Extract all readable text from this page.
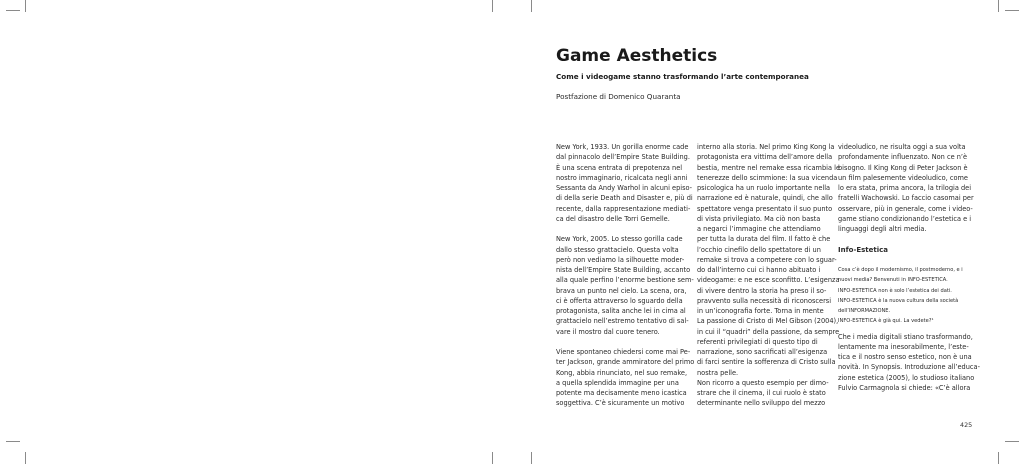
Game Aesthetics
Come i videogame stanno trasformando l’arte contemporanea
Postfazione di Domenico Quaranta
New York, 1933. Un gorilla enorme cade
dal pinnacolo dell’Empire State Building.
È una scena entrata di prepotenza nel
nostro immaginario, ricalcata negli anni
Sessanta da Andy Warhol in alcuni episo-
di della serie Death and Disaster e, più di
recente, dalla rappresentazione mediati-
ca del disastro delle Torri Gemelle.
New York, 2005. Lo stesso gorilla cade
dallo stesso grattacielo. Questa volta
però non vediamo la silhouette moder-
nista dell’Empire State Building, accanto
alla quale perfino l’enorme bestione sem-
brava un punto nel cielo. La scena, ora,
ci è offerta attraverso lo sguardo della
protagonista, salita anche lei in cima al
grattacielo nell’estremo tentativo di sal-
vare il mostro dal cuore tenero.
Viene spontaneo chiedersi come mai Pe-
ter Jackson, grande ammiratore del primo
Kong, abbia rinunciato, nel suo remake,
a quella splendida immagine per una
potente ma decisamente meno icastica
soggettiva. C’è sicuramente un motivo
interno alla storia. Nel primo King Kong la
protagonista era vittima dell’amore della
bestia, mentre nel remake essa ricambia le
tenerezze dello scimmione: la sua vicenda
psicologica ha un ruolo importante nella
narrazione ed è naturale, quindi, che allo
spettatore venga presentato il suo punto
di vista privilegiato. Ma ciò non basta
a negarci l’immagine che attendiamo
per tutta la durata del film. Il fatto è che
l’occhio cinefilo dello spettatore di un
remake si trova a competere con lo sguar-
do dall’interno cui ci hanno abituato i
videogame: e ne esce sconfitto. L’esigenza
di vivere dentro la storia ha preso il so-
pravvento sulla necessità di riconoscersi
in un’iconografia forte. Torna in mente
La passione di Cristo di Mel Gibson (2004),
in cui il “quadri” della passione, da sempre
referenti privilegiati di questo tipo di
narrazione, sono sacrificati all’esigenza
di farci sentire la sofferenza di Cristo sulla
nostra pelle.
Non ricorro a questo esempio per dimo-
strare che il cinema, il cui ruolo è stato
determinante nello sviluppo del mezzo
videoludico, ne risulta oggi a sua volta
profondamente influenzato. Non ce n’è
bisogno. Il King Kong di Peter Jackson è
un film palesemente videoludico, come
lo era stata, prima ancora, la trilogia dei
fratelli Wachowski. Lo faccio casomai per
osservare, più in generale, come i video-
game stiano condizionando l’estetica e i
linguaggi degli altri media.
Info-Estetica
Cosa c’è dopo il modernismo, il postmoderno, e i
nuovi media? Benvenuti in INFO-ESTETICA.
INFO-ESTETICA non è solo l’estetica dei dati.
INFO-ESTETICA è la nuova cultura della società
dell’INFORMAZIONE.
INFO-ESTETICA è già qui. La vedete?¹
Che i media digitali stiano trasformando,
lentamente ma inesorabilmente, l’este-
tica e il nostro senso estetico, non è una
novità. In Synopsis. Introduzione all’educa-
zione estetica (2005), lo studioso italiano
Fulvio Carmagnola si chiede: «C’è allora
425
